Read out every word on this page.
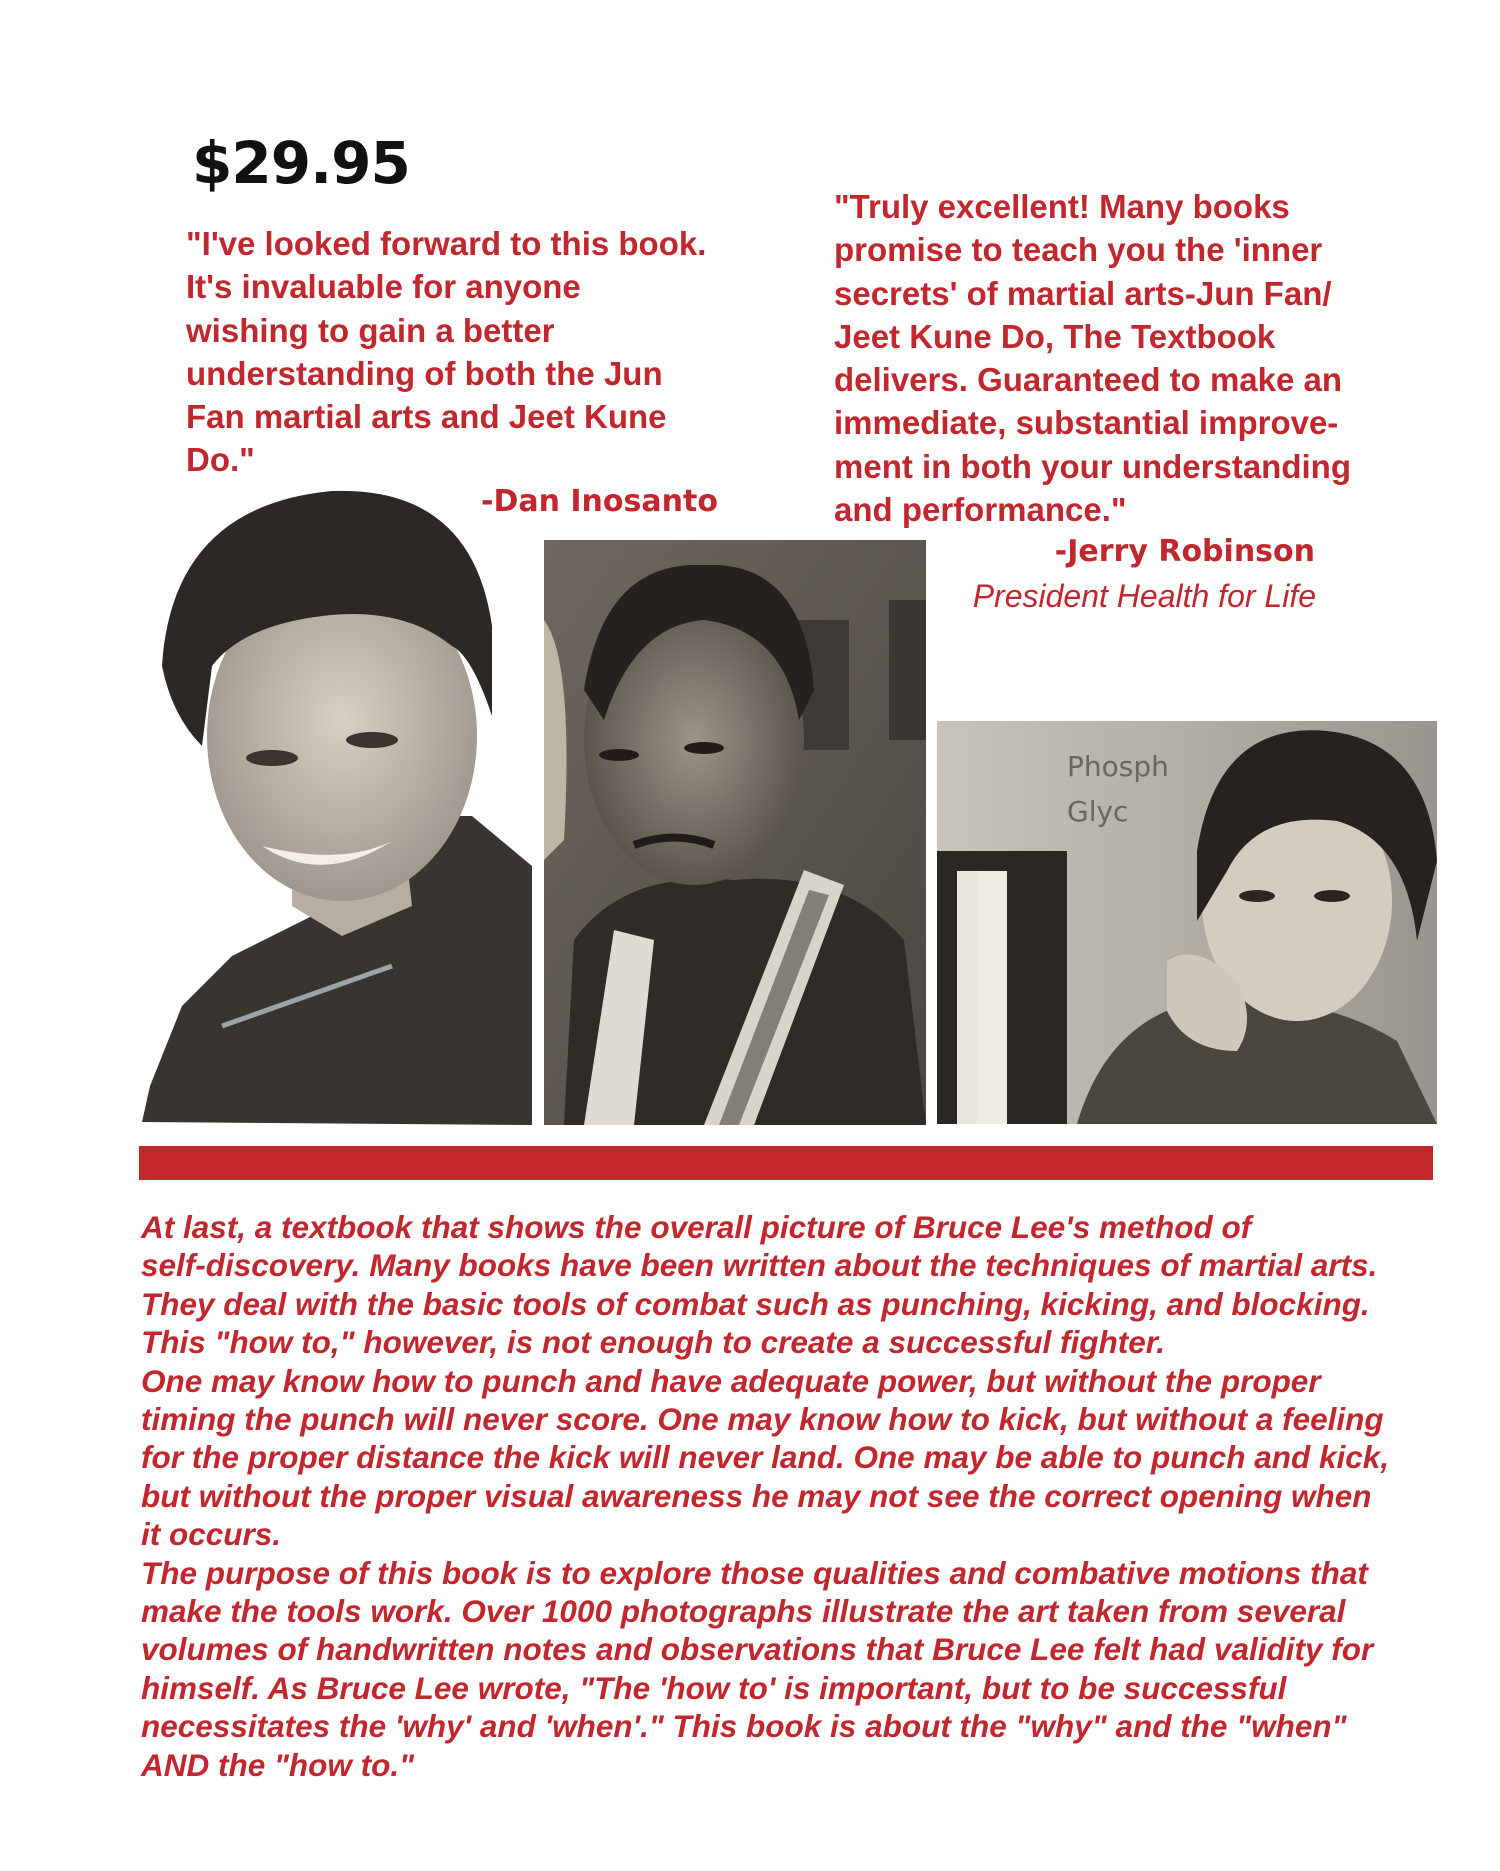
$29.95
"I've looked forward to this book.
It's invaluable for anyone
wishing to gain a better
understanding of both the Jun
Fan martial arts and Jeet Kune
Do."
-Dan Inosanto
"Truly excellent! Many books
promise to teach you the 'inner
secrets' of martial arts-Jun Fan/
Jeet Kune Do, The Textbook
delivers. Guaranteed to make an
immediate, substantial improve-
ment in both your understanding
and performance."
-Jerry Robinson
President Health for Life
Phosph
Glyc
At last, a textbook that shows the overall picture of Bruce Lee's method of
self-discovery. Many books have been written about the techniques of martial arts.
They deal with the basic tools of combat such as punching, kicking, and blocking.
This "how to," however, is not enough to create a successful fighter.
One may know how to punch and have adequate power, but without the proper
timing the punch will never score. One may know how to kick, but without a feeling
for the proper distance the kick will never land. One may be able to punch and kick,
but without the proper visual awareness he may not see the correct opening when
it occurs.
The purpose of this book is to explore those qualities and combative motions that
make the tools work. Over 1000 photographs illustrate the art taken from several
volumes of handwritten notes and observations that Bruce Lee felt had validity for
himself. As Bruce Lee wrote, "The 'how to' is important, but to be successful
necessitates the 'why' and 'when'." This book is about the "why" and the "when"
AND the "how to."
